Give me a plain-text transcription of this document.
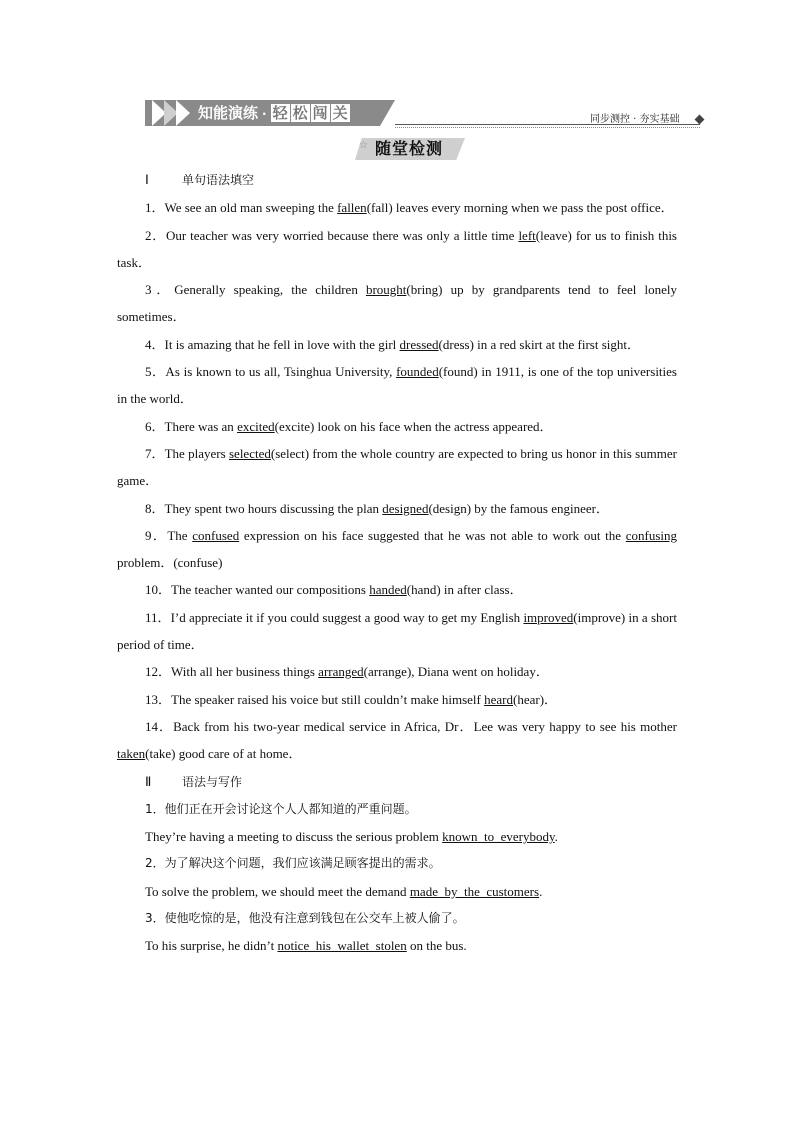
知能演练 · 轻 松 闯 关	同步测控 · 夯实基础
☆ 随堂检测

Ⅰ	单句语法填空

1．We see an old man sweeping the fallen(fall) leaves every morning when we pass the post office．

2．Our teacher was very worried because there was only a little time left(leave) for us to finish this task．

3．Generally speaking, the children brought(bring) up by grandparents tend to feel lonely sometimes．

4．It is amazing that he fell in love with the girl dressed(dress) in a red skirt at the first sight．

5．As is known to us all, Tsinghua University, founded(found) in 1911, is one of the top universities in the world．

6．There was an excited(excite) look on his face when the actress appeared．

7．The players selected(select) from the whole country are expected to bring us honor in this summer game．

8．They spent two hours discussing the plan designed(design) by the famous engineer．

9．The confused expression on his face suggested that he was not able to work out the confusing problem．(confuse)

10．The teacher wanted our compositions handed(hand) in after class．

11．I’d appreciate it if you could suggest a good way to get my English improved(improve) in a short period of time．

12．With all her business things arranged(arrange), Diana went on holiday．

13．The speaker raised his voice but still couldn’t make himself heard(hear)．

14．Back from his two-year medical service in Africa, Dr．Lee was very happy to see his mother taken(take) good care of at home．

Ⅱ	语法与写作

1．他们正在开会讨论这个人人都知道的严重问题。

They’re having a meeting to discuss the serious problem known_to_everybody.

2．为了解决这个问题，我们应该满足顾客提出的需求。

To solve the problem, we should meet the demand made_by_the_customers.

3．使他吃惊的是，他没有注意到钱包在公交车上被人偷了。

To his surprise, he didn’t notice_his_wallet_stolen on the bus.
